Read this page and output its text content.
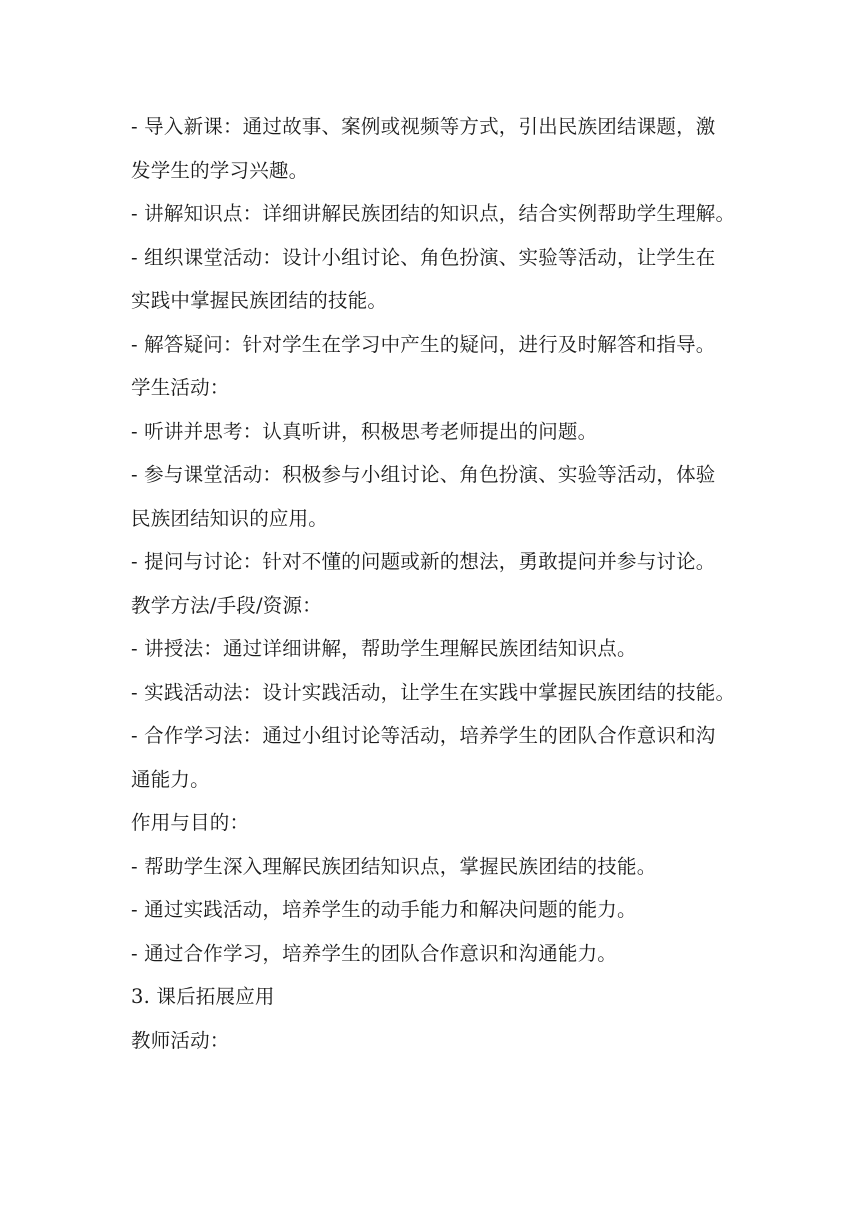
- 导入新课：通过故事、案例或视频等方式，引出民族团结课题，激
发学生的学习兴趣。
- 讲解知识点：详细讲解民族团结的知识点，结合实例帮助学生理解。
- 组织课堂活动：设计小组讨论、角色扮演、实验等活动，让学生在
实践中掌握民族团结的技能。
- 解答疑问：针对学生在学习中产生的疑问，进行及时解答和指导。
学生活动：
- 听讲并思考：认真听讲，积极思考老师提出的问题。
- 参与课堂活动：积极参与小组讨论、角色扮演、实验等活动，体验
民族团结知识的应用。
- 提问与讨论：针对不懂的问题或新的想法，勇敢提问并参与讨论。
教学方法/手段/资源：
- 讲授法：通过详细讲解，帮助学生理解民族团结知识点。
- 实践活动法：设计实践活动，让学生在实践中掌握民族团结的技能。
- 合作学习法：通过小组讨论等活动，培养学生的团队合作意识和沟
通能力。
作用与目的：
- 帮助学生深入理解民族团结知识点，掌握民族团结的技能。
- 通过实践活动，培养学生的动手能力和解决问题的能力。
- 通过合作学习，培养学生的团队合作意识和沟通能力。
3. 课后拓展应用
教师活动：
